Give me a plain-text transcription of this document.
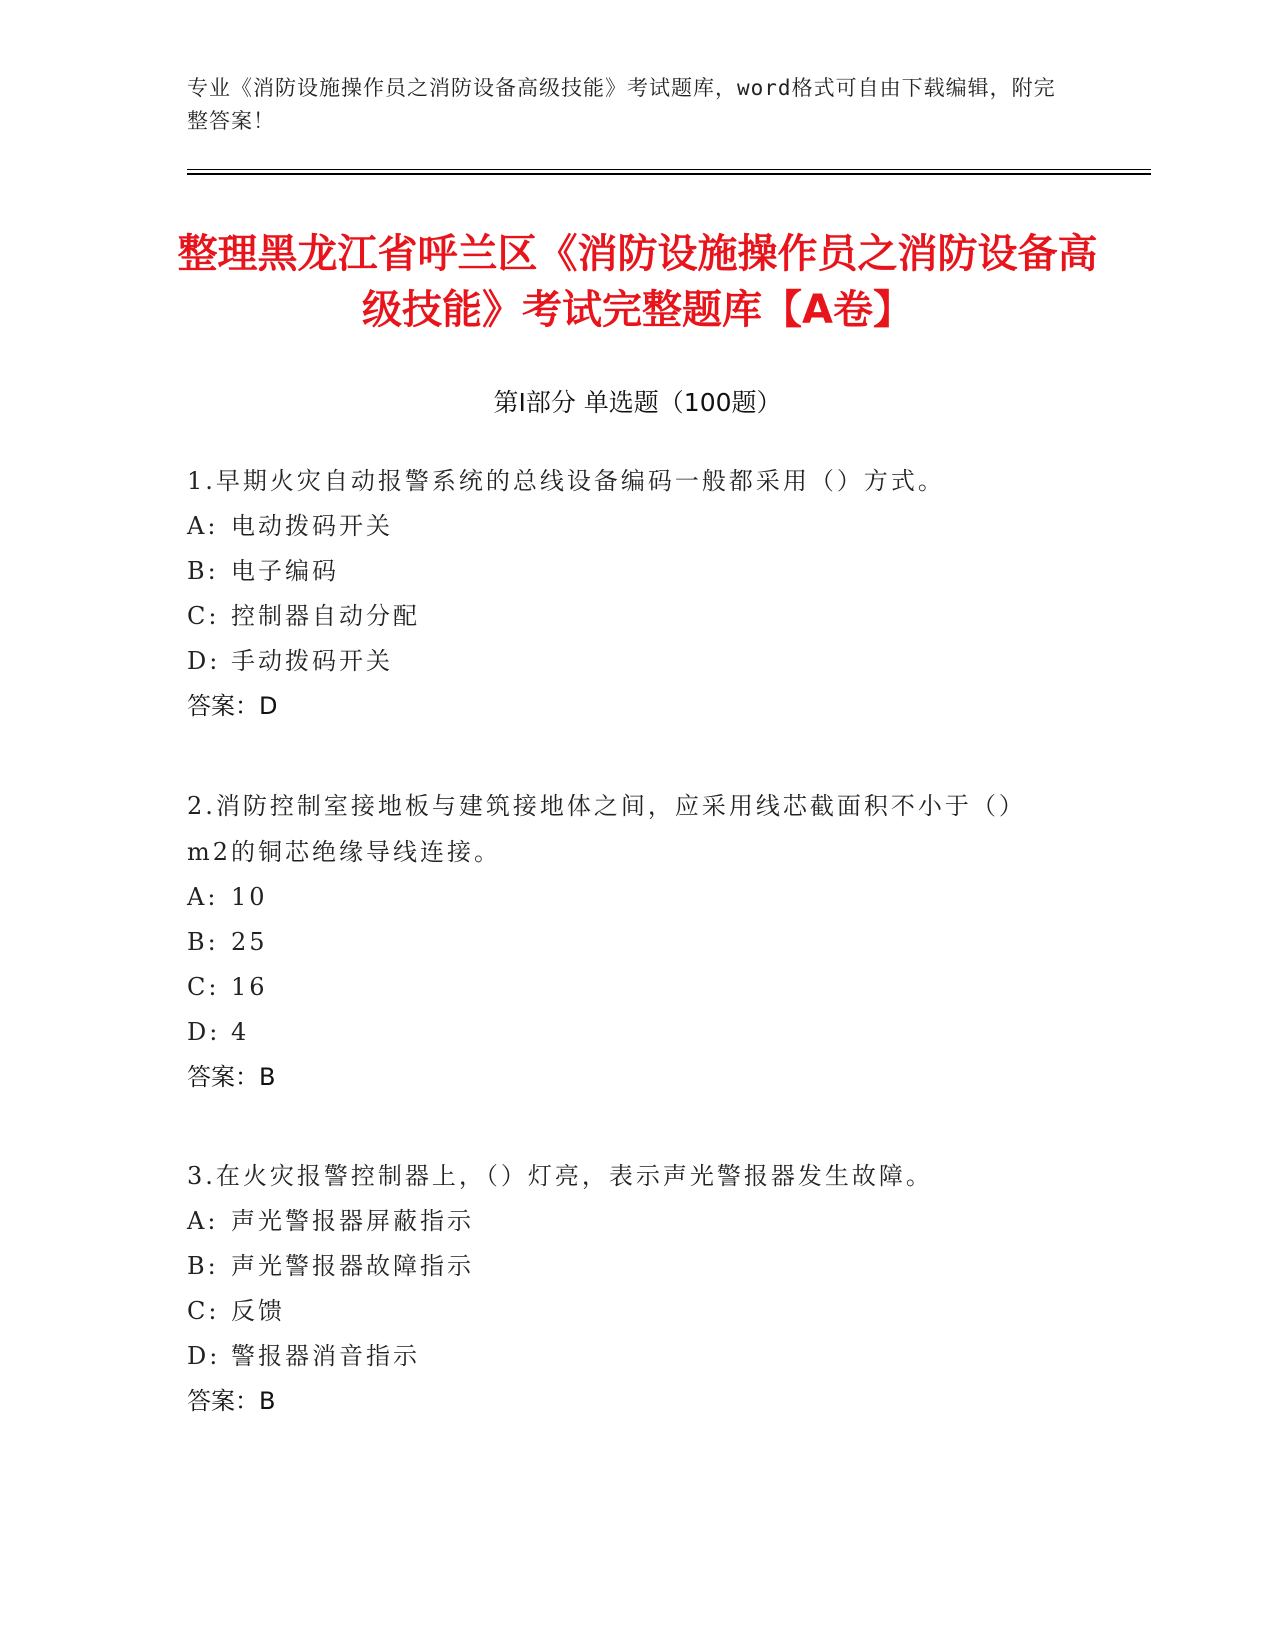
专业《消防设施操作员之消防设备高级技能》考试题库，word格式可自由下载编辑，附完整答案！
整理黑龙江省呼兰区《消防设施操作员之消防设备高级技能》考试完整题库【A卷】
第Ⅰ部分 单选题（100题）
1.早期火灾自动报警系统的总线设备编码一般都采用（）方式。
A: 电动拨码开关
B: 电子编码
C: 控制器自动分配
D: 手动拨码开关
答案：D
2.消防控制室接地板与建筑接地体之间，应采用线芯截面积不小于（）m2的铜芯绝缘导线连接。
A: 10
B: 25
C: 16
D: 4
答案：B
3.在火灾报警控制器上，（）灯亮，表示声光警报器发生故障。
A: 声光警报器屏蔽指示
B: 声光警报器故障指示
C: 反馈
D: 警报器消音指示
答案：B
